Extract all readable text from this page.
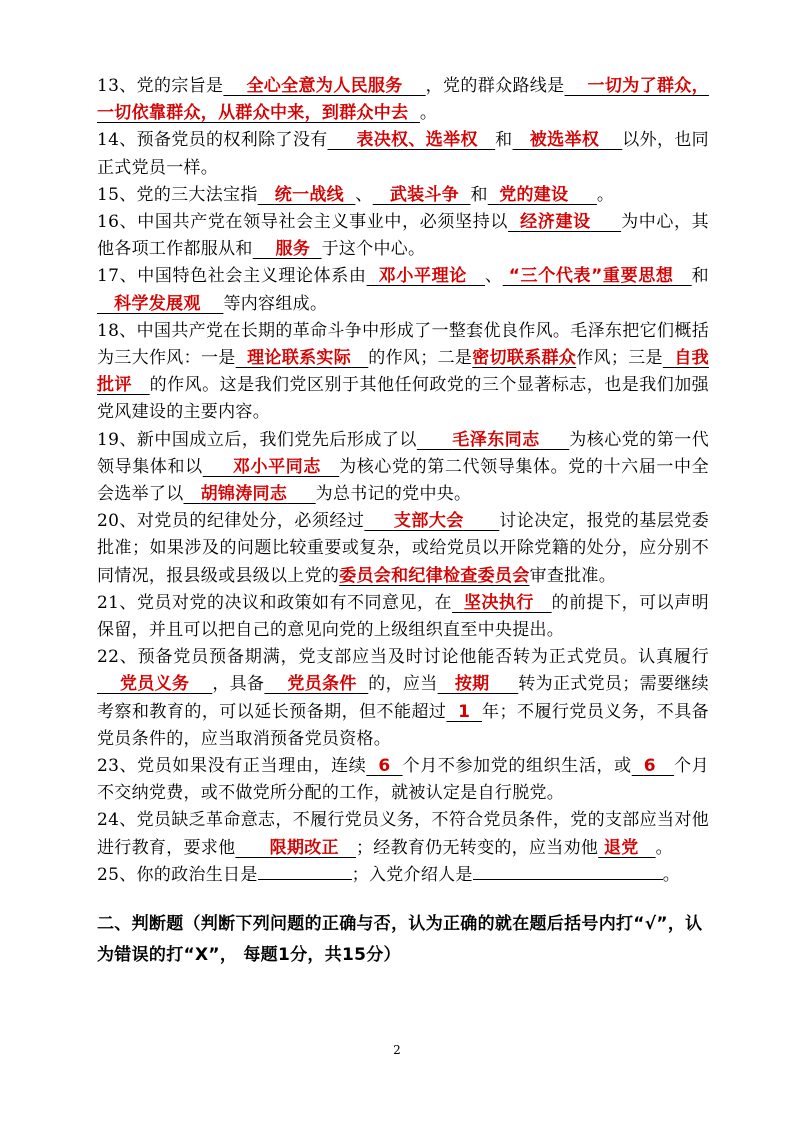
13、党的宗旨是 全心全意为人民服务 ，党的群众路线是 一切为了群众，一切依靠群众，从群众中来，到群众中去 。

14、预备党员的权利除了没有 表决权、选举权 和 被选举权 以外，也同正式党员一样。

15、党的三大法宝指 统一战线 、 武装斗争 和 党的建设 。

16、中国共产党在领导社会主义事业中，必须坚持以 经济建设 为中心，其他各项工作都服从和 服务 于这个中心。

17、中国特色社会主义理论体系由 邓小平理论 、 “三个代表”重要思想 和   科学发展观 等内容组成。

18、中国共产党在长期的革命斗争中形成了一整套优良作风。毛泽东把它们概括为三大作风：一是 理论联系实际 的作风；二是密切联系群众作风；三是 自我批评 的作风。这是我们党区别于其他任何政党的三个显著标志，也是我们加强党风建设的主要内容。

19、新中国成立后，我们党先后形成了以 毛泽东同志 为核心党的第一代领导集体和以 邓小平同志 为核心党的第二代领导集体。党的十六届一中全会选举了以 胡锦涛同志 为总书记的党中央。

20、对党员的纪律处分，必须经过 支部大会 讨论决定，报党的基层党委批准；如果涉及的问题比较重要或复杂，或给党员以开除党籍的处分，应分别不同情况，报县级或县级以上党的委员会和纪律检查委员会审查批准。

21、党员对党的决议和政策如有不同意见，在 坚决执行 的前提下，可以声明保留，并且可以把自己的意见向党的上级组织直至中央提出。

22、预备党员预备期满，党支部应当及时讨论他能否转为正式党员。认真履行    党员义务 ，具备 党员条件 的，应当 按期 转为正式党员；需要继续考察和教育的，可以延长预备期，但不能超过 1 年；不履行党员义务，不具备党员条件的，应当取消预备党员资格。

23、党员如果没有正当理由，连续 6 个月不参加党的组织生活，或 6 个月不交纳党费，或不做党所分配的工作，就被认定是自行脱党。

24、党员缺乏革命意志，不履行党员义务，不符合党员条件，党的支部应当对他进行教育，要求他 限期改正 ；经教育仍无转变的，应当劝他 退党 。

25、你的政治生日是	；入党介绍人是	。

二、判断题（判断下列问题的正确与否，认为正确的就在题后括号内打“√”，认为错误的打“X”， 每题1分，共15分）

2
